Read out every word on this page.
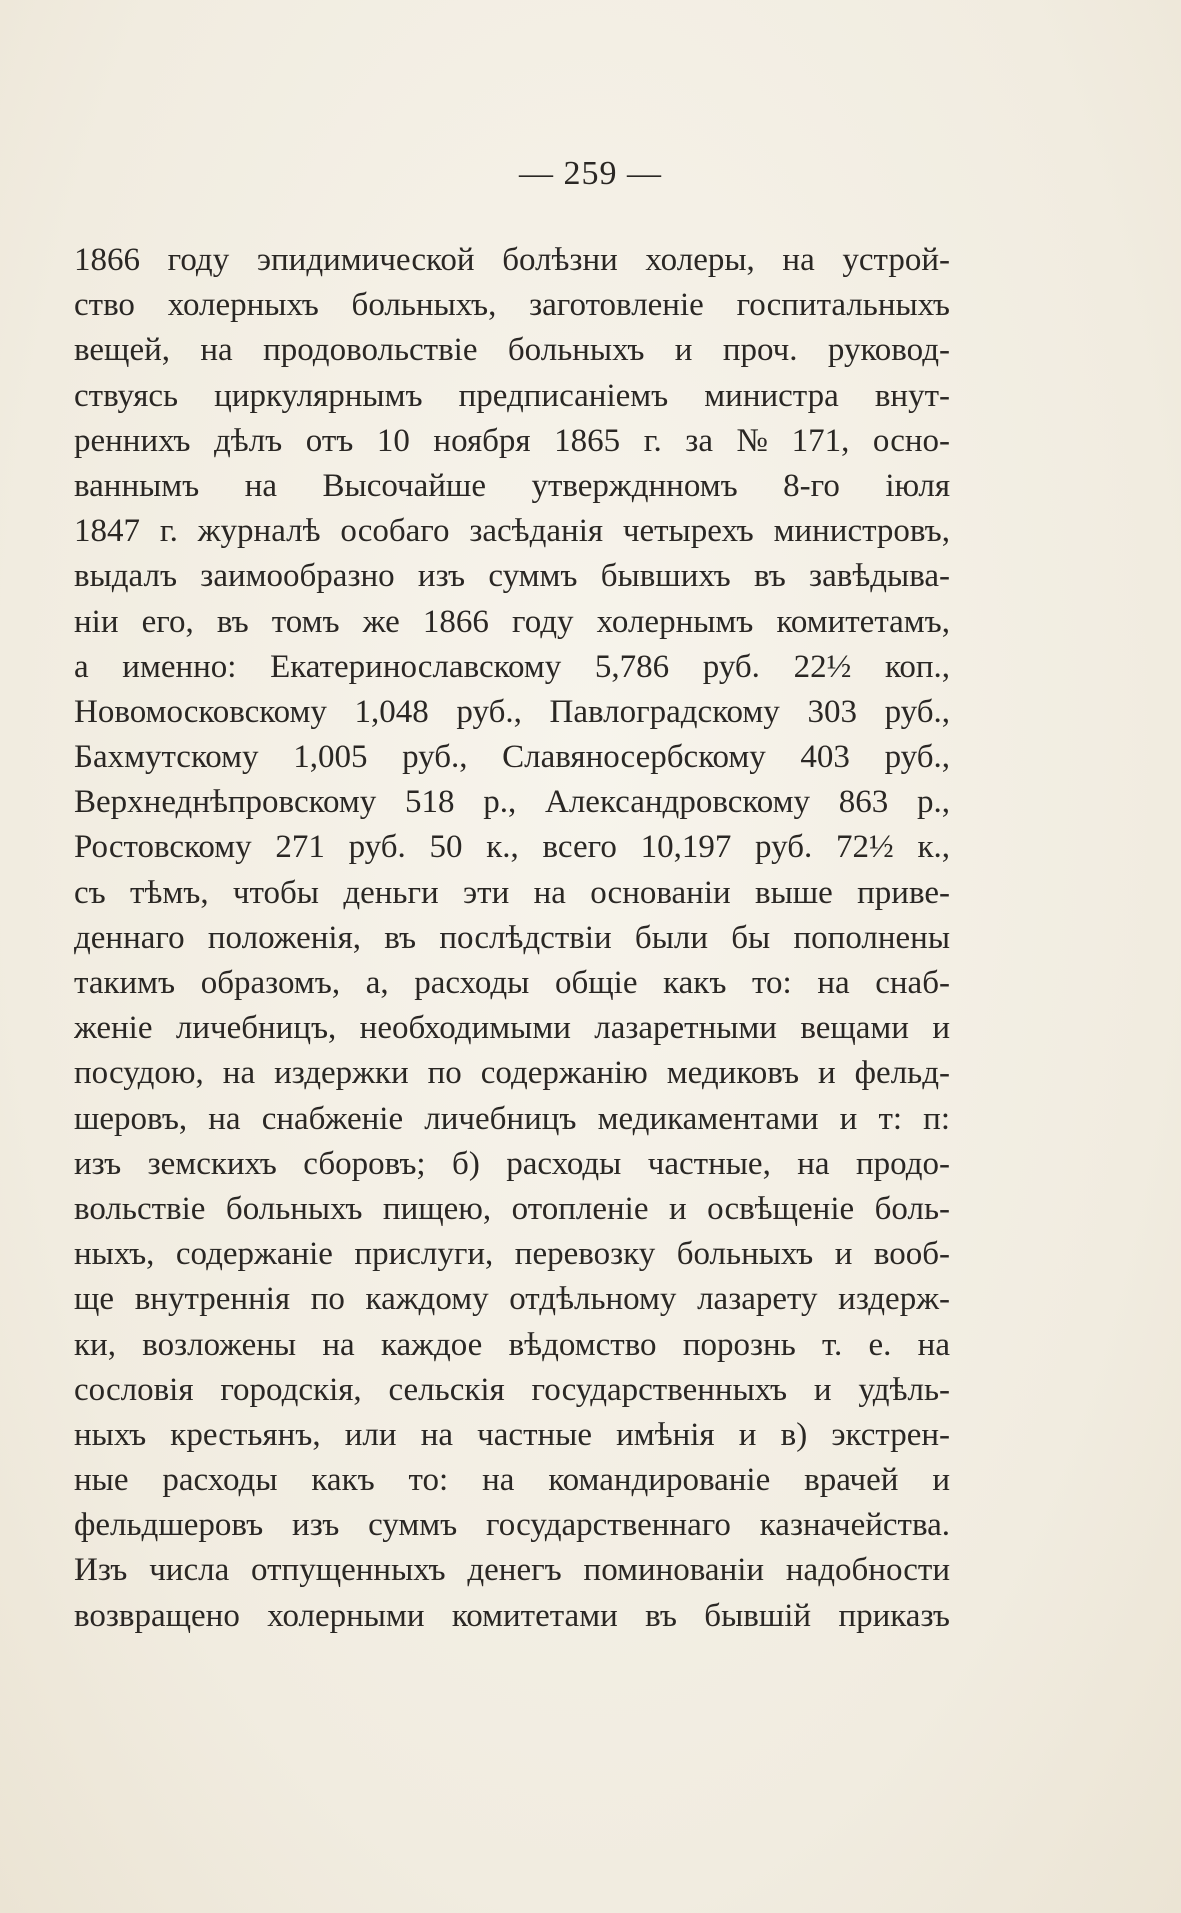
— 259 —
1866 году эпидимической болѣзни холеры, на устрой-
ство холерныхъ больныхъ, заготовленіе госпитальныхъ
вещей, на продовольствіе больныхъ и проч. руковод-
ствуясь циркулярнымъ предписаніемъ министра внут-
реннихъ дѣлъ отъ 10 ноября 1865 г. за № 171, осно-
ваннымъ на Высочайше утвержднномъ 8-го іюля
1847 г. журналѣ особаго засѣданія четырехъ министровъ,
выдалъ заимообразно изъ суммъ бывшихъ въ завѣдыва-
ніи его, въ томъ же 1866 году холернымъ комитетамъ,
а именно: Екатеринославскому 5,786 руб. 22½ коп.,
Новомосковскому 1,048 руб., Павлоградскому 303 руб.,
Бахмутскому 1,005 руб., Славяносербскому 403 руб.,
Верхнеднѣпровскому 518 р., Александровскому 863 р.,
Ростовскому 271 руб. 50 к., всего 10,197 руб. 72½ к.,
съ тѣмъ, чтобы деньги эти на основаніи выше приве-
деннаго положенія, въ послѣдствіи были бы пополнены
такимъ образомъ, а, расходы общіе какъ то: на снаб-
женіе личебницъ, необходимыми лазаретными вещами и
посудою, на издержки по содержанію медиковъ и фельд-
шеровъ, на снабженіе личебницъ медикаментами и т: п:
изъ земскихъ сборовъ; б) расходы частные, на продо-
вольствіе больныхъ пищею, отопленіе и освѣщеніе боль-
ныхъ, содержаніе прислуги, перевозку больныхъ и вооб-
ще внутреннія по каждому отдѣльному лазарету издерж-
ки, возложены на каждое вѣдомство порознь т. е. на
сословія городскія, сельскія государственныхъ и удѣль-
ныхъ крестьянъ, или на частные имѣнія и в) экстрен-
ные расходы какъ то: на командированіе врачей и
фельдшеровъ изъ суммъ государственнаго казначейства.
Изъ числа отпущенныхъ денегъ поминованіи надобности
возвращено холерными комитетами въ бывшій приказъ
